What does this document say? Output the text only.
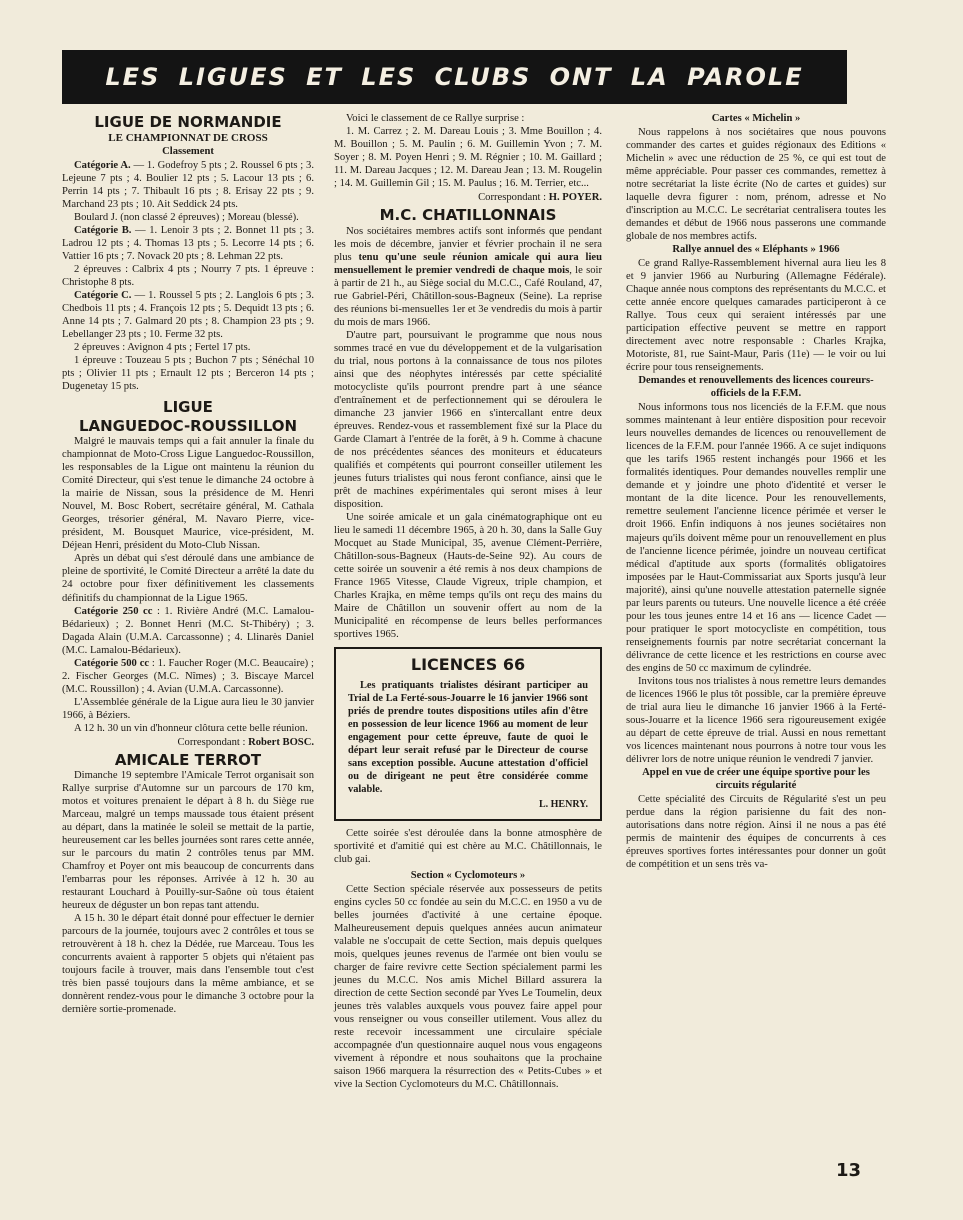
LES LIGUES ET LES CLUBS ONT LA PAROLE
LIGUE DE NORMANDIE
LE CHAMPIONNAT DE CROSS
Classement

Catégorie A. — 1. Godefroy 5 pts ; 2. Roussel 6 pts ; 3. Lejeune 7 pts ; 4. Boulier 12 pts ; 5. Lacour 13 pts ; 6. Perrin 14 pts ; 7. Thibault 16 pts ; 8. Erisay 22 pts ; 9. Marchand 23 pts ; 10. Ait Seddick 24 pts.

Boulard J. (non classé 2 épreuves) ; Moreau (blessé).

Catégorie B. — 1. Lenoir 3 pts ; 2. Bonnet 11 pts ; 3. Ladrou 12 pts ; 4. Thomas 13 pts ; 5. Lecorre 14 pts ; 6. Vattier 16 pts ; 7. Novack 20 pts ; 8. Lehman 22 pts.

2 épreuves : Calbrix 4 pts ; Nourry 7 pts. 1 épreuve : Christophe 8 pts.

Catégorie C. — 1. Roussel 5 pts ; 2. Langlois 6 pts ; 3. Chedbois 11 pts ; 4. François 12 pts ; 5. Dequidt 13 pts ; 6. Anne 14 pts ; 7. Galmard 20 pts ; 8. Champion 23 pts ; 9. Lebellanger 23 pts ; 10. Ferme 32 pts.

2 épreuves : Avignon 4 pts ; Fertel 17 pts.

1 épreuve : Touzeau 5 pts ; Buchon 7 pts ; Sénéchal 10 pts ; Olivier 11 pts ; Ernault 12 pts ; Berceron 14 pts ; Dugenetay 15 pts.

LIGUE
LANGUEDOC-ROUSSILLON

Malgré le mauvais temps qui a fait annuler la finale du championnat de Moto-Cross Ligue Languedoc-Roussillon, les responsables de la Ligue ont maintenu la réunion du Comité Directeur, qui s'est tenue le dimanche 24 octobre à la mairie de Nissan, sous la présidence de M. Henri Nouvel, M. Bosc Robert, secrétaire général, M. Cathala Georges, trésorier général, M. Navaro Pierre, vice-président, M. Bousquet Maurice, vice-président, M. Déjean Henri, président du Moto-Club Nissan.

Après un débat qui s'est déroulé dans une ambiance de pleine de sportivité, le Comité Directeur a arrêté la date du 24 octobre pour fixer définitivement les classements définitifs du championnat de la Ligue 1965.

Catégorie 250 cc : 1. Rivière André (M.C. Lamalou-Bédarieux) ; 2. Bonnet Henri (M.C. St-Thibéry) ; 3. Dagada Alain (U.M.A. Carcassonne) ; 4. Llinarès Daniel (M.C. Lamalou-Bédarieux).

Catégorie 500 cc : 1. Faucher Roger (M.C. Beaucaire) ; 2. Fischer Georges (M.C. Nîmes) ; 3. Biscaye Marcel (M.C. Roussillon) ; 4. Avian (U.M.A. Carcassonne).

L'Assemblée générale de la Ligue aura lieu le 30 janvier 1966, à Béziers.

A 12 h. 30 un vin d'honneur clôtura cette belle réunion.

Correspondant : Robert BOSC.

AMICALE TERROT

Dimanche 19 septembre l'Amicale Terrot organisait son Rallye surprise d'Automne sur un parcours de 170 km, motos et voitures prenaient le départ à 8 h. du Siège rue Marceau, malgré un temps maussade tous étaient présent au départ, dans la matinée le soleil se mettait de la partie, heureusement car les belles journées sont rares cette année, sur le parcours du matin 2 contrôles tenus par MM. Chamfroy et Poyer ont mis beaucoup de concurrents dans l'embarras pour les réponses. Arrivée à 12 h. 30 au restaurant Louchard à Pouilly-sur-Saône où tous étaient heureux de déguster un bon repas tant attendu.

A 15 h. 30 le départ était donné pour effectuer le dernier parcours de la journée, toujours avec 2 contrôles et tous se retrouvèrent à 18 h. chez la Dédée, rue Marceau. Tous les concurrents avaient à rapporter 5 objets qui n'étaient pas toujours facile à trouver, mais dans l'ensemble tout c'est très bien passé toujours dans la même ambiance, et se donnèrent rendez-vous pour le dimanche 3 octobre pour la dernière sortie-promenade.

Voici le classement de ce Rallye surprise :

1. M. Carrez ; 2. M. Dareau Louis ; 3. Mme Bouillon ; 4. M. Bouillon ; 5. M. Paulin ; 6. M. Guillemin Yvon ; 7. M. Soyer ; 8. M. Poyen Henri ; 9. M. Régnier ; 10. M. Gaillard ; 11. M. Dareau Jacques ; 12. M. Dareau Jean ; 13. M. Rougelin ; 14. M. Guillemin Gil ; 15. M. Paulus ; 16. M. Terrier, etc...

Correspondant : H. POYER.

M.C. CHATILLONNAIS

Nos sociétaires membres actifs sont informés que pendant les mois de décembre, janvier et février prochain il ne sera plus tenu qu'une seule réunion amicale qui aura lieu mensuellement le premier vendredi de chaque mois, le soir à partir de 21 h., au Siège social du M.C.C., Café Rouland, 47, rue Gabriel-Péri, Châtillon-sous-Bagneux (Seine). La reprise des réunions bi-mensuelles 1er et 3e vendredis du mois à partir du mois de mars 1966.

D'autre part, poursuivant le programme que nous nous sommes tracé en vue du développement et de la vulgarisation du trial, nous portons à la connaissance de tous nos pilotes ainsi que des néophytes intéressés par cette spécialité motocycliste qu'ils pourront prendre part à une séance d'entraînement et de perfectionnement qui se déroulera le dimanche 23 janvier 1966 en s'intercallant entre deux épreuves. Rendez-vous et rassemblement fixé sur la Place du Garde Clamart à l'entrée de la forêt, à 9 h. Comme à chacune de nos précédentes séances des moniteurs et éducateurs qualifiés et compétents qui pourront conseiller utilement les jeunes futurs trialistes qui nous feront confiance, ainsi que le prêt de machines expérimentales qui seront mises à leur disposition.

Une soirée amicale et un gala cinématographique ont eu lieu le samedi 11 décembre 1965, à 20 h. 30, dans la Salle Guy Mocquet au Stade Municipal, 35, avenue Clément-Perrière, Châtillon-sous-Bagneux (Hauts-de-Seine 92). Au cours de cette soirée un souvenir a été remis à nos deux champions de France 1965 Vitesse, Claude Vigreux, triple champion, et Charles Krajka, en même temps qu'ils ont reçu des mains du Maire de Châtillon un souvenir offert au nom de la Municipalité en récompense de leurs belles performances sportives 1965.

LICENCES 66

Les pratiquants trialistes désirant participer au Trial de La Ferté-sous-Jouarre le 16 janvier 1966 sont priés de prendre toutes dispositions utiles afin d'être en possession de leur licence 1966 au moment de leur engagement pour cette épreuve, faute de quoi le départ leur serait refusé par le Directeur de course sans exception possible. Aucune attestation d'officiel ou de dirigeant ne peut être considérée comme valable.

L. HENRY.

Cette soirée s'est déroulée dans la bonne atmosphère de sportivité et d'amitié qui est chère au M.C. Châtillonnais, le club gai.

Section « Cyclomoteurs »

Cette Section spéciale réservée aux possesseurs de petits engins cycles 50 cc fondée au sein du M.C.C. en 1950 a vu de belles journées d'activité à une certaine époque. Malheureusement depuis quelques années aucun animateur valable ne s'occupait de cette Section, mais depuis quelques mois, quelques jeunes revenus de l'armée ont bien voulu se charger de faire revivre cette Section spécialement parmi les jeunes du M.C.C. Nos amis Michel Billard assurera la direction de cette Section secondé par Yves Le Toumelin, deux jeunes très valables auxquels vous pouvez faire appel pour vous renseigner ou vous conseiller utilement. Vous allez du reste recevoir incessamment une circulaire spéciale accompagnée d'un questionnaire auquel nous vous engageons vivement à répondre et nous souhaitons que la prochaine saison 1966 marquera la résurrection des « Petits-Cubes » et vive la Section Cyclomoteurs du M.C. Châtillonnais.

Cartes « Michelin »

Nous rappelons à nos sociétaires que nous pouvons commander des cartes et guides régionaux des Editions « Michelin » avec une réduction de 25 %, ce qui est tout de même appréciable. Pour passer ces commandes, remettez à notre secrétariat la liste écrite (No de cartes et guides) sur laquelle devra figurer : nom, prénom, adresse et No d'inscription au M.C.C. Le secrétariat centralisera toutes les demandes et début de 1966 nous passerons une commande globale de nos membres actifs.

Rallye annuel des « Eléphants » 1966

Ce grand Rallye-Rassemblement hivernal aura lieu les 8 et 9 janvier 1966 au Nurburing (Allemagne Fédérale). Chaque année nous comptons des représentants du M.C.C. et cette année encore quelques camarades participeront à ce Rallye. Tous ceux qui seraient intéressés par une participation effective peuvent se mettre en rapport directement avec notre responsable : Charles Krajka, Motoriste, 81, rue Saint-Maur, Paris (11e) — le voir ou lui écrire pour tous renseignements.

Demandes et renouvellements des licences coureurs-officiels de la F.F.M.

Nous informons tous nos licenciés de la F.F.M. que nous sommes maintenant à leur entière disposition pour recevoir leurs nouvelles demandes de licences ou renouvellement de licences de la F.F.M. pour l'année 1966. A ce sujet indiquons que les tarifs 1965 restent inchangés pour 1966 et les formalités identiques. Pour demandes nouvelles remplir une demande et y joindre une photo d'identité et verser le montant de la dite licence. Pour les renouvellements, remettre seulement l'ancienne licence périmée et verser le droit 1966. Enfin indiquons à nos jeunes sociétaires non majeurs qu'ils doivent même pour un renouvellement en plus de l'ancienne licence périmée, joindre un nouveau certificat médical d'aptitude aux sports (formalités obligatoires imposées par le Haut-Commissariat aux Sports jusqu'à leur majorité), ainsi qu'une nouvelle attestation paternelle signée par leurs parents ou tuteurs. Une nouvelle licence a été créée pour les tous jeunes entre 14 et 16 ans — licence Cadet — pour pratiquer le sport motocycliste en compétition, tous renseignements fournis par notre secrétariat concernant la délivrance de cette licence et les restrictions en course avec des engins de 50 cc maximum de cylindrée.

Invitons tous nos trialistes à nous remettre leurs demandes de licences 1966 le plus tôt possible, car la première épreuve de trial aura lieu le dimanche 16 janvier 1966 à la Ferté-sous-Jouarre et la licence 1966 sera rigoureusement exigée au départ de cette épreuve de trial. Aussi en nous remettant vos licences maintenant nous pourrons à notre tour vous les délivrer lors de notre unique réunion le vendredi 7 janvier.

Appel en vue de créer une équipe sportive pour les circuits régularité

Cette spécialité des Circuits de Régularité s'est un peu perdue dans la région parisienne du fait des non-autorisations dans notre région. Ainsi il ne nous a pas été permis de maintenir des équipes de concurrents à ces épreuves sportives fortes intéressantes pour donner un goût de compétition et un sens très va-

13
